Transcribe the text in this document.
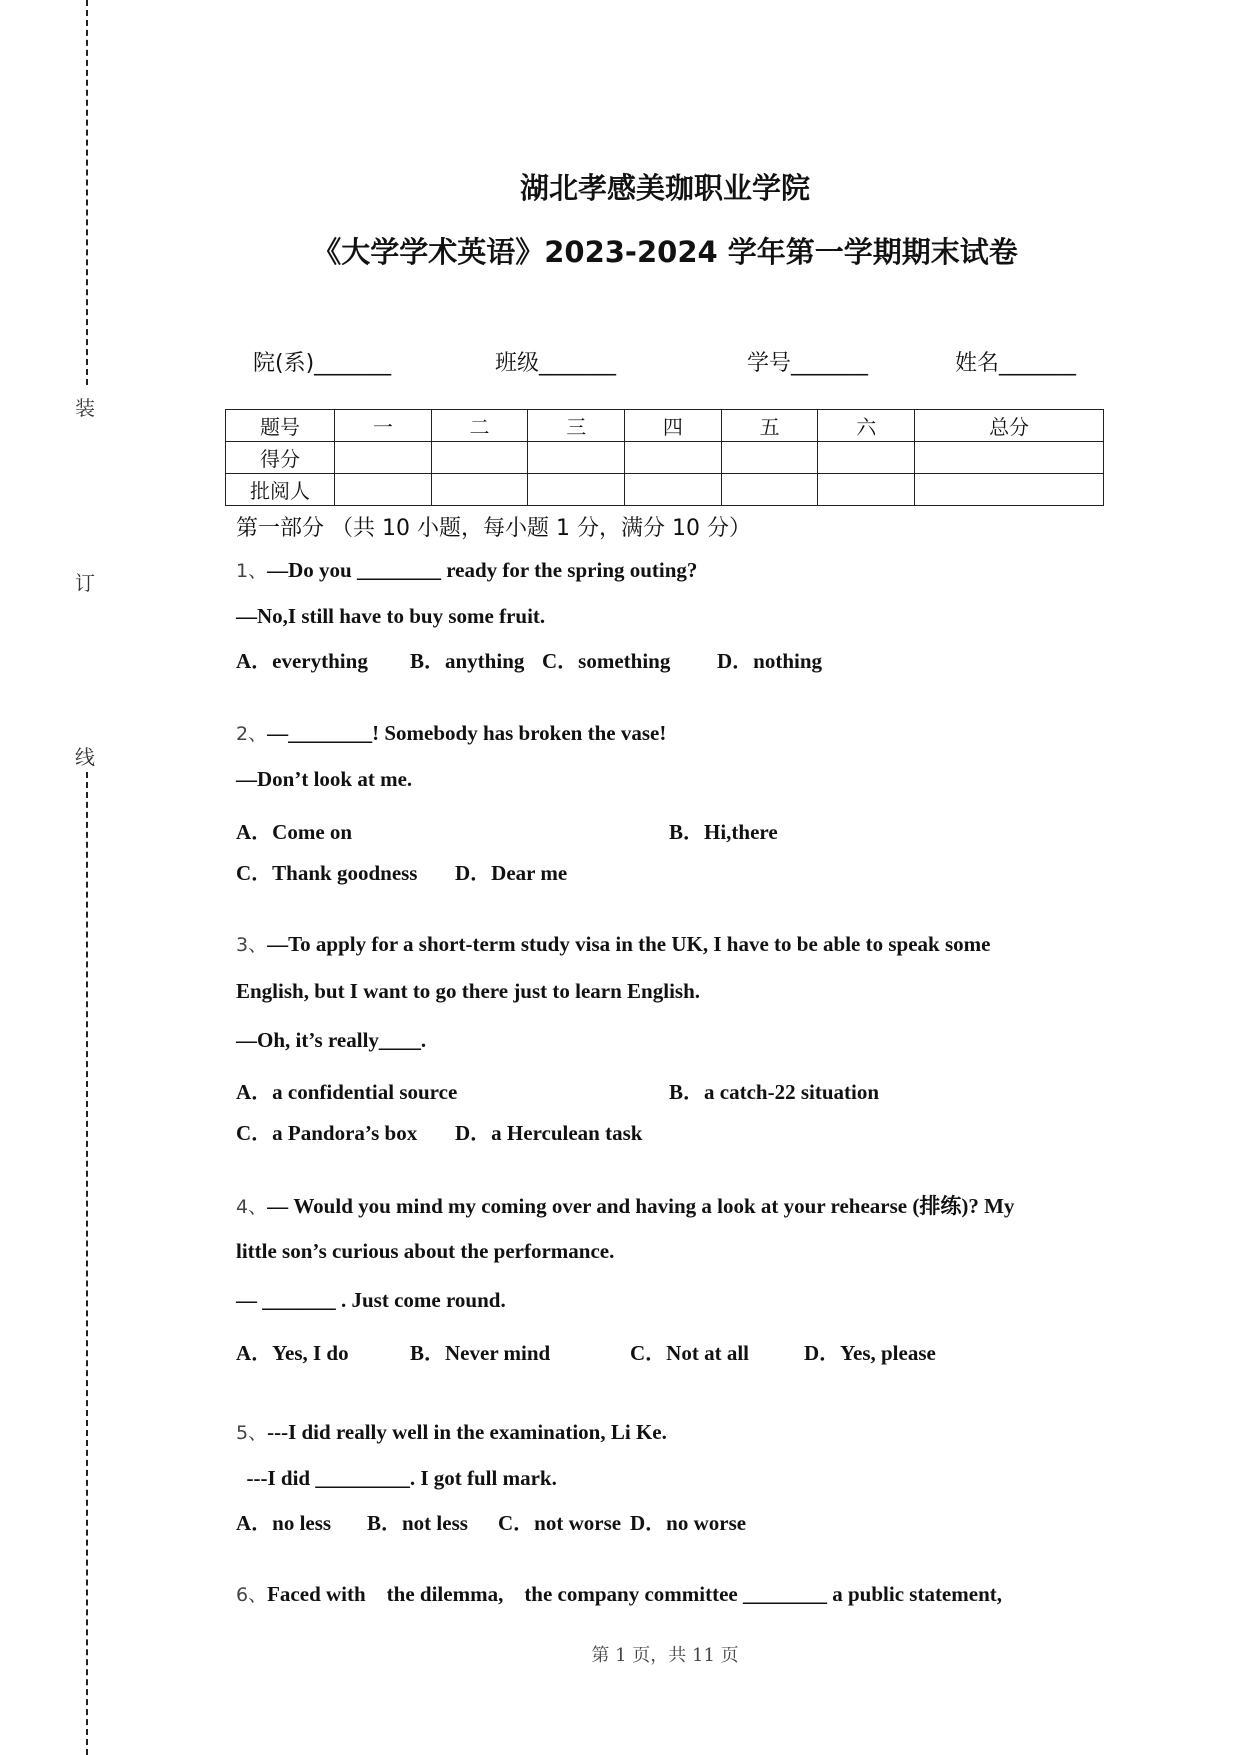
装
订
线
湖北孝感美珈职业学院
《大学学术英语》2023-2024 学年第一学期期末试卷
院(系)_______	班级_______	学号_______	姓名_______
题号	一	二	三	四	五	六	总分
得分							
批阅人							
第一部分 （共 10 小题，每小题 1 分，满分 10 分）
1、—Do you ________ ready for the spring outing?
—No,I still have to buy some fruit.
A．everything B．anything C．something D．nothing
2、—________! Somebody has broken the vase!
—Don’t look at me.
A．Come on	B．Hi,there
C．Thank goodness D．Dear me
3、—To apply for a short-term study visa in the UK, I have to be able to speak some
English, but I want to go there just to learn English.
—Oh, it’s really____.
A．a confidential source	B．a catch-22 situation
C．a Pandora’s box D．a Herculean task
4、— Would you mind my coming over and having a look at your rehearse (排练)? My
little son’s curious about the performance.
— _______ . Just come round.
A．Yes, I do	B．Never mind	C．Not at all	D．Yes, please
5、---I did really well in the examination, Li Ke.
---I did _________. I got full mark.
A．no less B．not less C．not worse D．no worse
6、Faced with    the dilemma,    the company committee ________ a public statement,
第 1 页，共 11 页
